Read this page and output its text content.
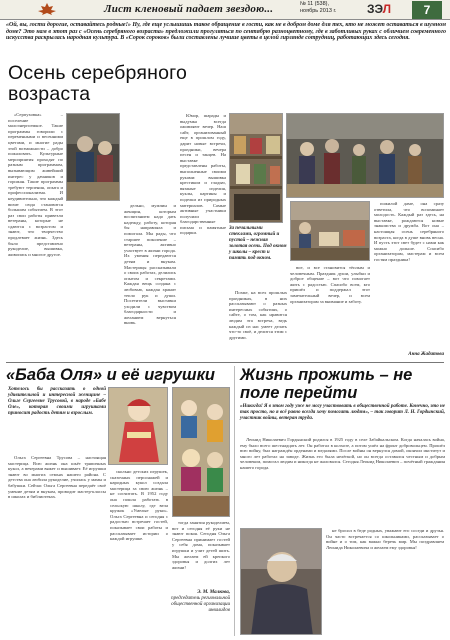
Лист кленовый падает звездою...	№ 11 (538),
ноябрь 2013 г.	ЗЭЛ	7
«Ой, вы, гости дорогие, оставайтесь родные!» Ну, где еще услышишь такое обращение в гости, как не в добром доме для тех, кто не может оставаться в шумном доме? Это нам в этот раз с «Осень серебряного возраста» предложили прогуляться по сентябрю разноцветному, где в заботливых руках с обличием современного искусства раскрылась народная культура. В «Сорок сороков» были составлены лучшие цветы в целой гирлянде сотрудниц, работающих здесь сегодня.
Осень серебряного возраста

«Серпуховка» – поселение малоэнергоемкое. Такие программы говорили с переменными и весенними цветами, и многие рады этой возможности – добро пожаловать. Культурные мероприятия проходят по разным программам, вызывающим живейший интерес у дачников и горожан. Такие программы требуют терпения, опыта и профессионализма. И неудивительно, что каждый визит сюда становится большим событием. В этот раз свои работы привезли ветераны, которые не сдаются с возрастом и знают, что творчество продлевает жизнь. Здесь было представлено рукоделие, вышивка, живопись и многое другое.

дельно, мужчин и женщин, которым воспитанием надо дать надежду, работу, которая бы направляла и помогала. Мы рады, что старшее поколение – ветераны, активно участвует в жизни города. Их умения передаются детям и внукам. Мастерицы рассказывали о своих работах, делились опытом и секретами. Каждая вещь создана с любовью, каждая хранит тепло рук и души. Посетители выставки уходили с чувством благодарности и желанием вернуться вновь.

Юмор, шарады и выдумка всегда оживляют вечер. Наш сайт, организованный еще в прошлом году, дарит новые встречи, праздники, вечера песен и танцев. На выставке представлены работы, выполненные своими руками: вышивка крестиком и гладью, вязаные изделия, куклы, картины и поделки из природных материалов. Самые активные участники получили благодарственные письма и памятные подарки.

За печальными стеклами, огромный и пустой – нежная золотая осень. Под окном у школы – крест и память под окном.

Позже, на всех прошлых праздниках, в них рассказывают о разных интересных событиях, о сайте, о том, как нравится людям эта встреча, ведь каждый из нас умеет делать что-то своё, и делится этим с другими.

вое, и все становится тёплым и человечным. Праздник души, улыбки и доброе общение – вот что помогает жить с радостью. Спасибо всем, кто пришёл и поддержал этот замечательный вечер, и всем организаторам за внимание и заботу.

пожилой даме, она сразу ответила, что вспоминает молодость. Каждый раз здесь, на выставке, рождаются новые знакомства и дружба. Вот она – настоящая осень серебряного возраста, когда в душе вновь весна. И пусть этот свет будет с нами как можно дольше. Спасибо организаторам, мастерам и всем гостям праздника!

Анна Жадатова
«Баба Оля» и её игрушки
Хотелось бы рассказать о одной удивительной и интересной женщине – Ольге Сергеевне Трусовой, в народе «Бабе Оле», которая своими игрушками приносит радость детям и взрослым.

Ольга Сергеевна Трусова – настоящая мастерица. Всю жизнь она шьёт тряпичных кукол, а вечерами вяжет и вышивает. Её игрушки знают во многих семьях нашего района. С детства она любила рукоделие, училась у мамы и бабушки. Сейчас Ольга Сергеевна передаёт своё умение детям и внукам, проводит мастер-классы в школах и библиотеках.

скольно детских игрушек, сказочных персонажей и народных кукол создала мастерица за свою жизнь – не сосчитать. В 1952 году она пошла работать в сельскую школу, где вела кружок «Умелые руки». Ольга Сергеевна и сегодня с радостью встречает гостей, показывает свои работы и рассказывает истории о каждой игрушке.

тогда занятия рукоделием, вот и сегодня её руки не знают покоя. Сегодня Ольга Сергеевна принимает гостей у себя дома, показывает игрушки и учит детей шить. Мы желаем ей крепкого здоровья и долгих лет жизни!

Э. М. Малкова,
председатель региональной общественной организации инвалидов
Жизнь прожить – не поле перейти
«Никогда! Я в этом году уже не могу участвовать в общественной работе. Конечно, это не так просто, но я всё равно всегда хочу помогать людям», – так говорит Л. Н. Гордынский, участник войны, ветеран труда.

Леонид Николаевич Гордынский родился в 1925 году в селе Забайкальском. Когда началась война, ему было всего шестнадцать лет. Он работал в колхозе, а потом ушёл на фронт добровольцем. Прошёл всю войну, был награждён орденами и медалями. После войны он вернулся домой, окончил институт и много лет работал на заводе. Жизнь его была нелёгкой, но он всегда оставался честным и добрым человеком, помогал людям и никогда не жаловался. Сегодня Леонид Николаевич – почётный гражданин нашего города.

не бросил в беде родных, уважают его соседи и друзья. Он часто встречается со школьниками, рассказывает о войне и о том, как важно беречь мир. Мы поздравляем Леонида Николаевича и желаем ему здоровья!
